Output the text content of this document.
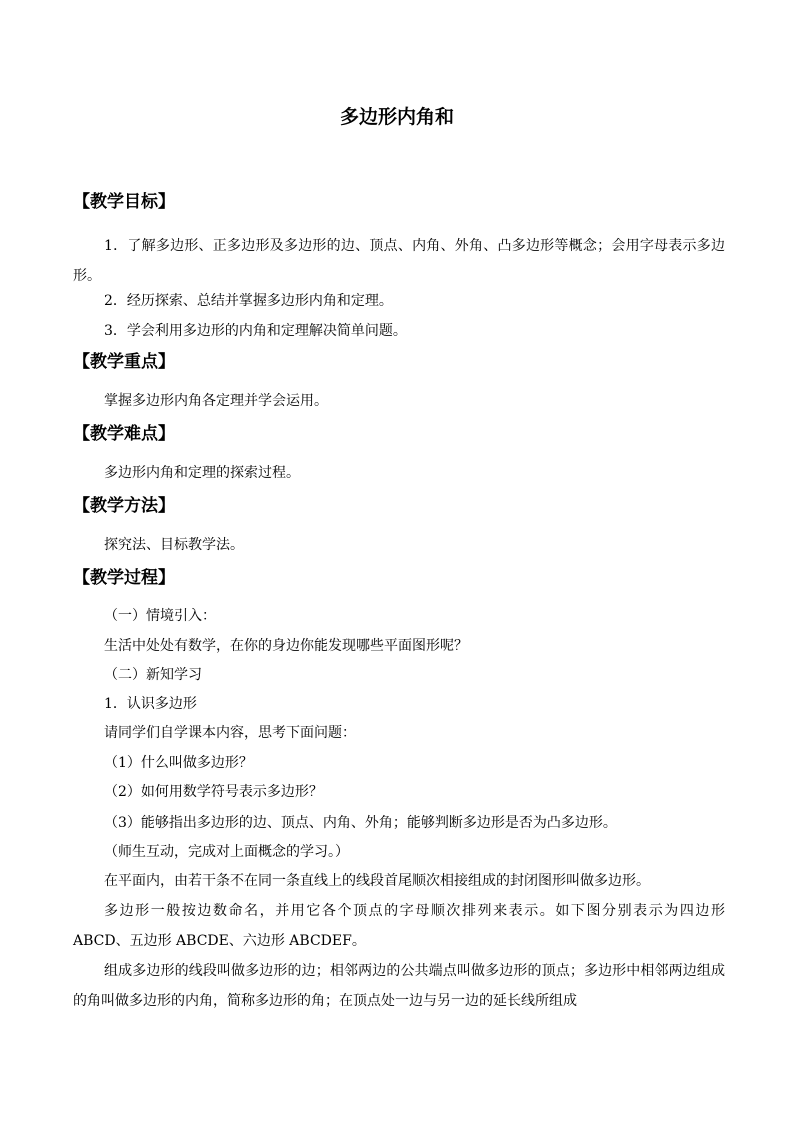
多边形内角和
【教学目标】

1．了解多边形、正多边形及多边形的边、顶点、内角、外角、凸多边形等概念；会用字母表示多边形。

2．经历探索、总结并掌握多边形内角和定理。

3．学会利用多边形的内角和定理解决简单问题。

【教学重点】

掌握多边形内角各定理并学会运用。

【教学难点】

多边形内角和定理的探索过程。

【教学方法】

探究法、目标教学法。

【教学过程】

（一）情境引入：

生活中处处有数学，在你的身边你能发现哪些平面图形呢？

（二）新知学习

1．认识多边形

请同学们自学课本内容，思考下面问题：

（1）什么叫做多边形？

（2）如何用数学符号表示多边形？

（3）能够指出多边形的边、顶点、内角、外角；能够判断多边形是否为凸多边形。

（师生互动，完成对上面概念的学习。）

在平面内，由若干条不在同一条直线上的线段首尾顺次相接组成的封闭图形叫做多边形。

多边形一般按边数命名，并用它各个顶点的字母顺次排列来表示。如下图分别表示为四边形 ABCD、五边形 ABCDE、六边形 ABCDEF。

组成多边形的线段叫做多边形的边；相邻两边的公共端点叫做多边形的顶点；多边形中相邻两边组成的角叫做多边形的内角，简称多边形的角；在顶点处一边与另一边的延长线所组成
